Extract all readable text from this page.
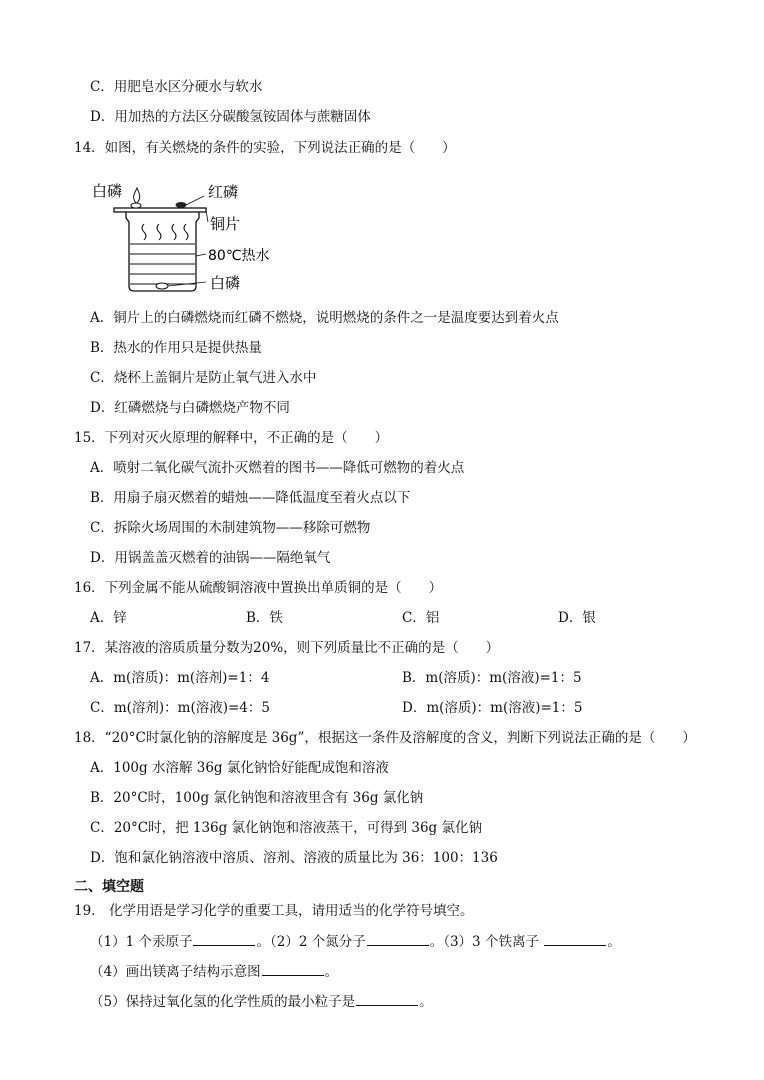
C．用肥皂水区分硬水与软水
D．用加热的方法区分碳酸氢铵固体与蔗糖固体
14．如图，有关燃烧的条件的实验，下列说法正确的是（　　）
白磷	红磷
铜片
80℃热水
白磷
A．铜片上的白磷燃烧而红磷不燃烧，说明燃烧的条件之一是温度要达到着火点
B．热水的作用只是提供热量
C．烧杯上盖铜片是防止氧气进入水中
D．红磷燃烧与白磷燃烧产物不同
15．下列对灭火原理的解释中，不正确的是（　　）
A．喷射二氧化碳气流扑灭燃着的图书——降低可燃物的着火点
B．用扇子扇灭燃着的蜡烛——降低温度至着火点以下
C．拆除火场周围的木制建筑物——移除可燃物
D．用锅盖盖灭燃着的油锅——隔绝氧气
16．下列金属不能从硫酸铜溶液中置换出单质铜的是（　　）
A．锌	B．铁	C．铝	D．银
17．某溶液的溶质质量分数为20%，则下列质量比不正确的是（　　）
A．m(溶质)：m(溶剂)=1：4	B．m(溶质)：m(溶液)=1：5
C．m(溶剂)：m(溶液)=4：5	D．m(溶质)：m(溶液)=1：5
18．“20°C时氯化钠的溶解度是 36g”，根据这一条件及溶解度的含义，判断下列说法正确的是（　　）
A．100g 水溶解 36g 氯化钠恰好能配成饱和溶液
B．20°C时，100g 氯化钠饱和溶液里含有 36g 氯化钠
C．20°C时，把 136g 氯化钠饱和溶液蒸干，可得到 36g 氯化钠
D．饱和氯化钠溶液中溶质、溶剂、溶液的质量比为 36：100：136
二、填空题
19.　化学用语是学习化学的重要工具，请用适当的化学符号填空。
（1）1 个汞原子	。（2）2 个氮分子	。（3）3 个铁离子	。
（4）画出镁离子结构示意图	。
（5）保持过氧化氢的化学性质的最小粒子是	。
